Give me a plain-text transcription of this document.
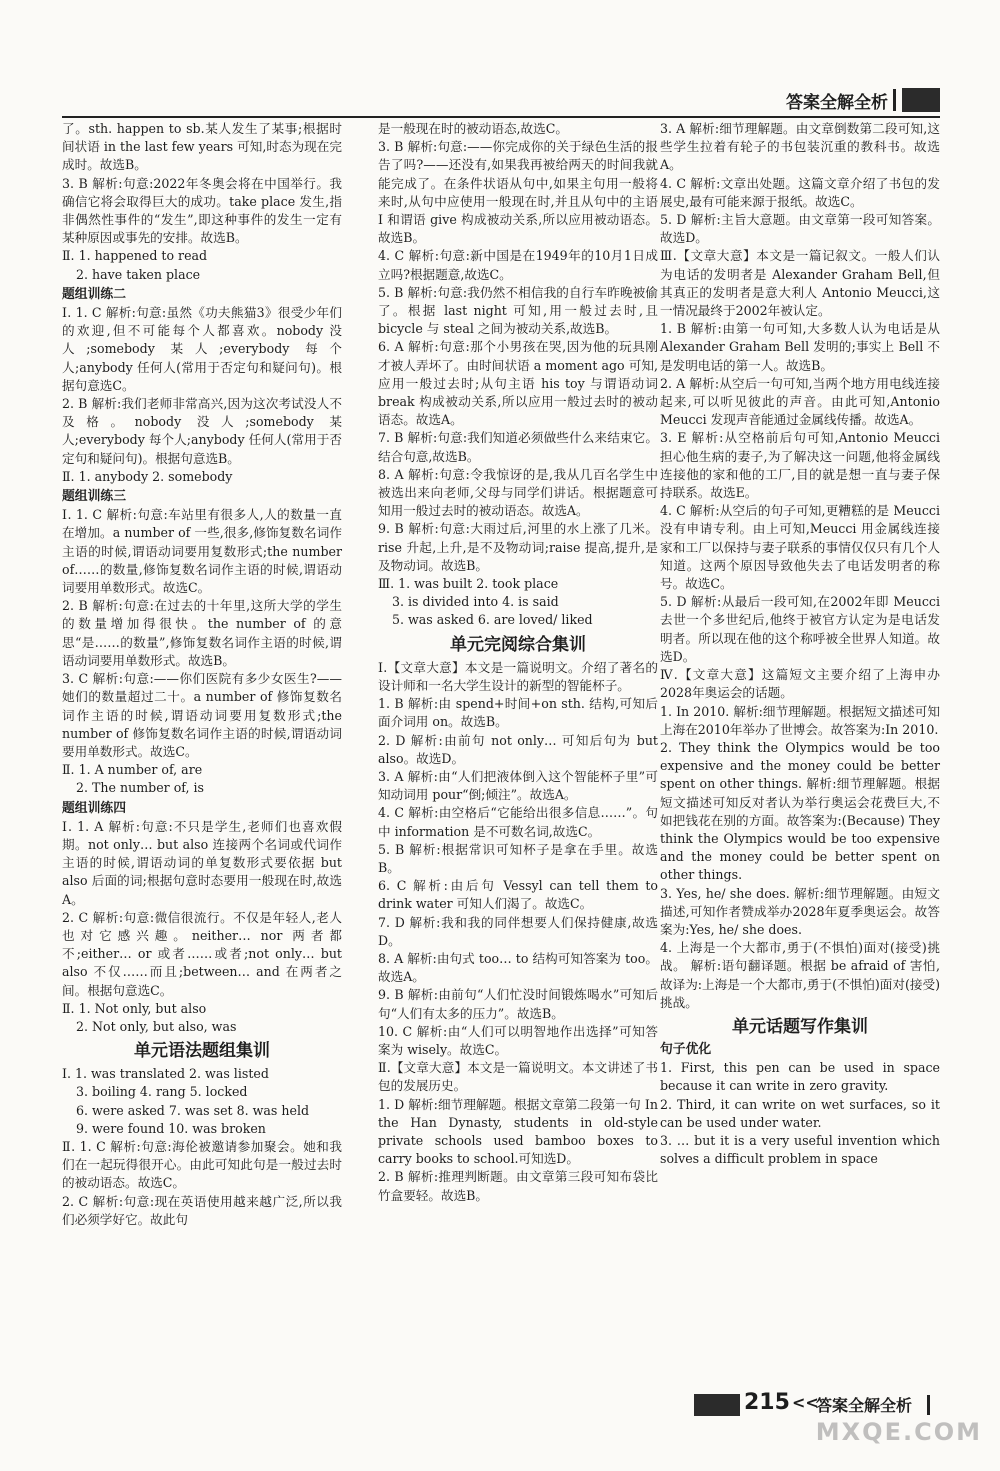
答案全解全析

了。sth. happen to sb.某人发生了某事;根据时间状语 in the last few years 可知,时态为现在完成时。故选B。

3. B 解析:句意:2022年冬奥会将在中国举行。我确信它将会取得巨大的成功。take place 发生,指非偶然性事件的“发生”,即这种事件的发生一定有某种原因或事先的安排。故选B。

Ⅱ. 1. happened to read

2. have taken place

题组训练二

Ⅰ. 1. C 解析:句意:虽然《功夫熊猫3》很受少年们的欢迎,但不可能每个人都喜欢。nobody 没人;somebody 某人;everybody 每个人;anybody 任何人(常用于否定句和疑问句)。根据句意选C。

2. B 解析:我们老师非常高兴,因为这次考试没人不及格。nobody 没人;somebody 某人;everybody 每个人;anybody 任何人(常用于否定句和疑问句)。根据句意选B。

Ⅱ. 1. anybody 2. somebody

题组训练三

Ⅰ. 1. C 解析:句意:车站里有很多人,人的数量一直在增加。a number of 一些,很多,修饰复数名词作主语的时候,谓语动词要用复数形式;the number of……的数量,修饰复数名词作主语的时候,谓语动词要用单数形式。故选C。

2. B 解析:句意:在过去的十年里,这所大学的学生的数量增加得很快。the number of 的意思“是……的数量”,修饰复数名词作主语的时候,谓语动词要用单数形式。故选B。

3. C 解析:句意:——你们医院有多少女医生?——她们的数量超过二十。a number of 修饰复数名词作主语的时候,谓语动词要用复数形式;the number of 修饰复数名词作主语的时候,谓语动词要用单数形式。故选C。

Ⅱ. 1. A number of, are

2. The number of, is

题组训练四

Ⅰ. 1. A 解析:句意:不只是学生,老师们也喜欢假期。not only… but also 连接两个名词或代词作主语的时候,谓语动词的单复数形式要依据 but also 后面的词;根据句意时态要用一般现在时,故选A。

2. C 解析:句意:微信很流行。不仅是年轻人,老人也对它感兴趣。neither… nor 两者都不;either… or 或者……或者;not only… but also 不仅……而且;between… and 在两者之间。根据句意选C。

Ⅱ. 1. Not only, but also

2. Not only, but also, was

单元语法题组集训

Ⅰ. 1. was translated 2. was listed

3. boiling 4. rang 5. locked

6. were asked 7. was set 8. was held

9. were found 10. was broken

Ⅱ. 1. C 解析:句意:海伦被邀请参加聚会。她和我们在一起玩得很开心。由此可知此句是一般过去时的被动语态。故选C。

2. C 解析:句意:现在英语使用越来越广泛,所以我们必须学好它。故此句

是一般现在时的被动语态,故选C。

3. B 解析:句意:——你完成你的关于绿色生活的报告了吗?——还没有,如果我再被给两天的时间我就能完成了。在条件状语从句中,如果主句用一般将来时,从句中应使用一般现在时,并且从句中的主语 I 和谓语 give 构成被动关系,所以应用被动语态。故选B。

4. C 解析:句意:新中国是在1949年的10月1日成立吗?根据题意,故选C。

5. B 解析:句意:我仍然不相信我的自行车昨晚被偷了。根据 last night 可知,用一般过去时,且 bicycle 与 steal 之间为被动关系,故选B。

6. A 解析:句意:那个小男孩在哭,因为他的玩具刚才被人弄坏了。由时间状语 a moment ago 可知,应用一般过去时;从句主语 his toy 与谓语动词 break 构成被动关系,所以应用一般过去时的被动语态。故选A。

7. B 解析:句意:我们知道必须做些什么来结束它。结合句意,故选B。

8. A 解析:句意:令我惊讶的是,我从几百名学生中被选出来向老师,父母与同学们讲话。根据题意可知用一般过去时的被动语态。故选A。

9. B 解析:句意:大雨过后,河里的水上涨了几米。rise 升起,上升,是不及物动词;raise 提高,提升,是及物动词。故选B。

Ⅲ. 1. was built 2. took place

3. is divided into 4. is said

5. was asked 6. are loved/ liked

单元完阅综合集训

Ⅰ.【文章大意】本文是一篇说明文。介绍了著名的设计师和一名大学生设计的新型的智能杯子。

1. B 解析:由 spend+时间+on sth. 结构,可知后面介词用 on。故选B。

2. D 解析:由前句 not only… 可知后句为 but also。故选D。

3. A 解析:由“人们把液体倒入这个智能杯子里”可知动词用 pour“倒;倾注”。故选A。

4. C 解析:由空格后“它能给出很多信息……”。句中 information 是不可数名词,故选C。

5. B 解析:根据常识可知杯子是拿在手里。故选B。

6. C 解析:由后句 Vessyl can tell them to drink water 可知人们渴了。故选C。

7. D 解析:我和我的同伴想要人们保持健康,故选D。

8. A 解析:由句式 too… to 结构可知答案为 too。故选A。

9. B 解析:由前句“人们忙没时间锻炼喝水”可知后句“人们有太多的压力”。故选B。

10. C 解析:由“人们可以明智地作出选择”可知答案为 wisely。故选C。

Ⅱ.【文章大意】本文是一篇说明文。本文讲述了书包的发展历史。

1. D 解析:细节理解题。根据文章第二段第一句 In the Han Dynasty, students in old-style private schools used bamboo boxes to carry books to school.可知选D。

2. B 解析:推理判断题。由文章第三段可知布袋比竹盒要轻。故选B。

3. A 解析:细节理解题。由文章倒数第二段可知,这些学生拉着有轮子的书包装沉重的教科书。故选A。

4. C 解析:文章出处题。这篇文章介绍了书包的发展史,最有可能来源于报纸。故选C。

5. D 解析:主旨大意题。由文章第一段可知答案。故选D。

Ⅲ.【文章大意】本文是一篇记叙文。一般人们认为电话的发明者是 Alexander Graham Bell,但其真正的发明者是意大利人 Antonio Meucci,这一情况最终于2002年被认定。

1. B 解析:由第一句可知,大多数人认为电话是从 Alexander Graham Bell 发明的;事实上 Bell 不是发明电话的第一人。故选B。

2. A 解析:从空后一句可知,当两个地方用电线连接起来,可以听见彼此的声音。由此可知,Antonio Meucci 发现声音能通过金属线传播。故选A。

3. E 解析:从空格前后句可知,Antonio Meucci 担心他生病的妻子,为了解决这一问题,他将金属线连接他的家和他的工厂,目的就是想一直与妻子保持联系。故选E。

4. C 解析:从空后的句子可知,更糟糕的是 Meucci 没有申请专利。由上可知,Meucci 用金属线连接家和工厂以保持与妻子联系的事情仅仅只有几个人知道。这两个原因导致他失去了电话发明者的称号。故选C。

5. D 解析:从最后一段可知,在2002年即 Meucci 去世一个多世纪后,他终于被官方认定为是电话发明者。所以现在他的这个称呼被全世界人知道。故选D。

Ⅳ.【文章大意】这篇短文主要介绍了上海申办2028年奥运会的话题。

1. In 2010. 解析:细节理解题。根据短文描述可知上海在2010年举办了世博会。故答案为:In 2010.

2. They think the Olympics would be too expensive and the money could be better spent on other things. 解析:细节理解题。根据短文描述可知反对者认为举行奥运会花费巨大,不如把钱花在别的方面。故答案为:(Because) They think the Olympics would be too expensive and the money could be better spent on other things.

3. Yes, he/ she does. 解析:细节理解题。由短文描述,可知作者赞成举办2028年夏季奥运会。故答案为:Yes, he/ she does.

4. 上海是一个大都市,勇于(不惧怕)面对(接受)挑战。 解析:语句翻译题。根据 be afraid of 害怕,故译为:上海是一个大都市,勇于(不惧怕)面对(接受)挑战。

单元话题写作集训
句子优化

1. First, this pen can be used in space because it can write in zero gravity.

2. Third, it can write on wet surfaces, so it can be used under water.

3. … but it is a very useful invention which solves a difficult problem in space

215 <<
答案全解全析
MXQE.COM
